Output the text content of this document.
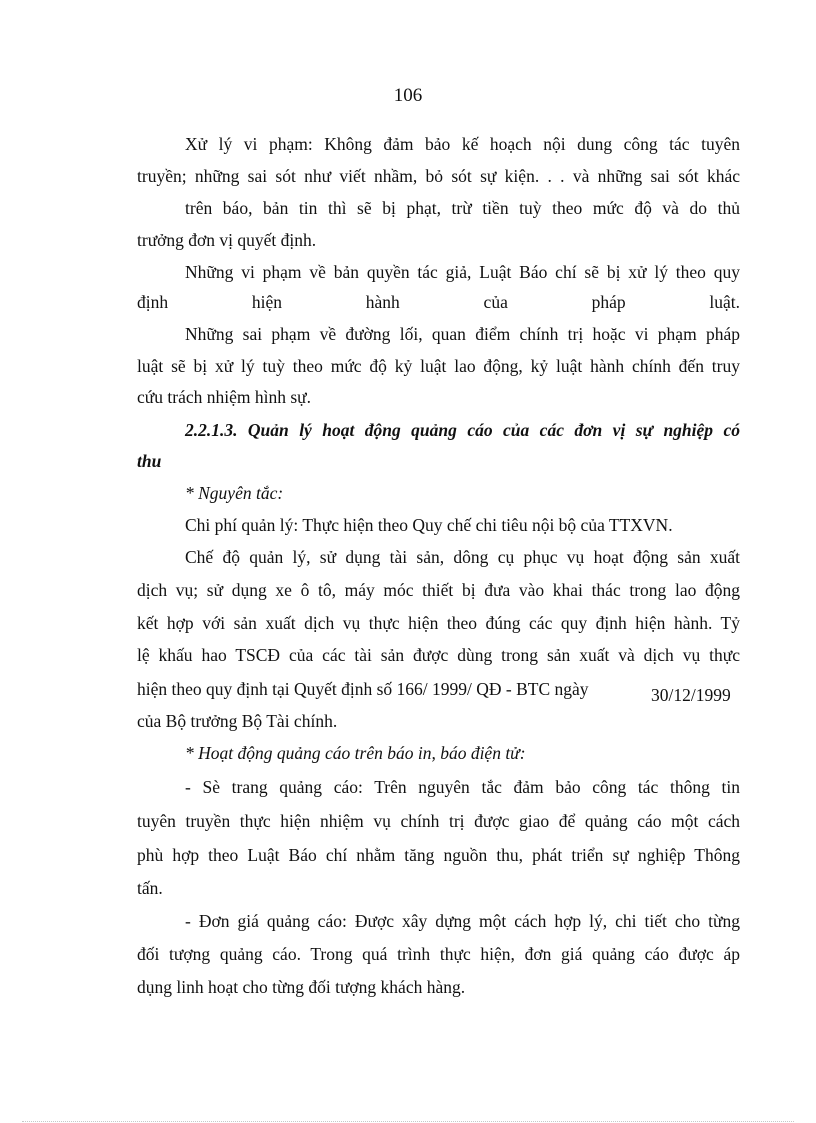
106
Xử lý vi phạm: Không đảm bảo kế hoạch nội dung công tác tuyên
truyền; những sai sót như viết nhầm, bỏ sót sự kiện. . . và những sai sót khác
trên báo, bản tin thì sẽ bị phạt, trừ tiền tuỳ theo mức độ và do thủ
trưởng đơn vị quyết định.
Những vi phạm về bản quyền tác giả, Luật Báo chí sẽ bị xử lý theo quy
định hiện hành của pháp luật.
Những sai phạm về đường lối, quan điểm chính trị hoặc vi phạm pháp
luật sẽ bị xử lý tuỳ theo mức độ kỷ luật lao động, kỷ luật hành chính đến truy
cứu trách nhiệm hình sự.
2.2.1.3. Quản lý hoạt động quảng cáo của các đơn vị sự nghiệp có
thu
* Nguyên tắc:
Chi phí quản lý: Thực hiện theo Quy chế chi tiêu nội bộ của TTXVN.
Chế độ quản lý, sử dụng tài sản, dông cụ phục vụ hoạt động sản xuất
dịch vụ; sử dụng xe ô tô, máy móc thiết bị đưa vào khai thác trong lao động
kết hợp với sản xuất dịch vụ thực hiện theo đúng các quy định hiện hành. Tỷ
lệ khấu hao TSCĐ của các tài sản được dùng trong sản xuất và dịch vụ thực
hiện theo quy định tại Quyết định số 166/ 1999/ QĐ - BTC ngày	30/12/1999
của Bộ trưởng Bộ Tài chính.
* Hoạt động quảng cáo trên báo in, báo điện tử:
- Sè trang quảng cáo: Trên nguyên tắc đảm bảo công tác thông tin
tuyên truyền thực hiện nhiệm vụ chính trị được giao để quảng cáo một cách
phù hợp theo Luật Báo chí nhằm tăng nguồn thu, phát triển sự nghiệp Thông
tấn.
- Đơn giá quảng cáo: Được xây dựng một cách hợp lý, chi tiết cho từng
đối tượng quảng cáo. Trong quá trình thực hiện, đơn giá quảng cáo được áp
dụng linh hoạt cho từng đối tượng khách hàng.
